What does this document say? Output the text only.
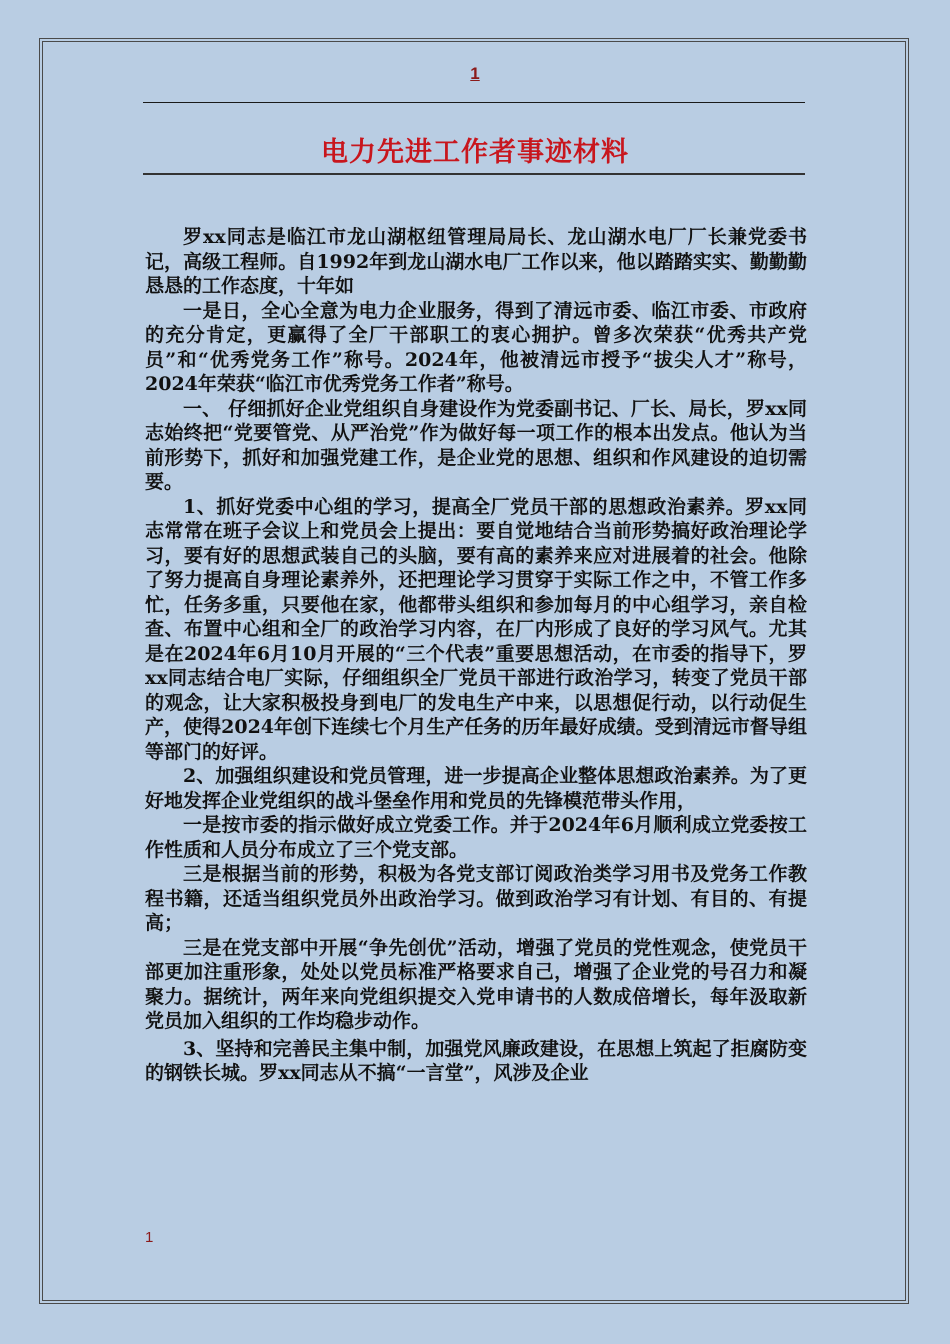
1
电力先进工作者事迹材料

罗xx同志是临江市龙山湖枢纽管理局局长、龙山湖水电厂厂长兼党委书记，高级工程师。自1992年到龙山湖水电厂工作以来，他以踏踏实实、勤勤勤恳恳的工作态度，十年如

一是日，全心全意为电力企业服务，得到了清远市委、临江市委、市政府的充分肯定，更赢得了全厂干部职工的衷心拥护。曾多次荣获“优秀共产党员”和“优秀党务工作”称号。2024年，他被清远市授予“拔尖人才”称号，2024年荣获“临江市优秀党务工作者”称号。

一、 仔细抓好企业党组织自身建设作为党委副书记、厂长、局长，罗xx同志始终把“党要管党、从严治党”作为做好每一项工作的根本出发点。他认为当前形势下，抓好和加强党建工作，是企业党的思想、组织和作风建设的迫切需要。

1、抓好党委中心组的学习，提高全厂党员干部的思想政治素养。罗xx同志常常在班子会议上和党员会上提出：要自觉地结合当前形势搞好政治理论学习，要有好的思想武装自己的头脑，要有高的素养来应对进展着的社会。他除了努力提高自身理论素养外，还把理论学习贯穿于实际工作之中，不管工作多忙，任务多重，只要他在家，他都带头组织和参加每月的中心组学习，亲自检查、布置中心组和全厂的政治学习内容，在厂内形成了良好的学习风气。尤其是在2024年6月10月开展的“三个代表”重要思想活动，在市委的指导下，罗xx同志结合电厂实际，仔细组织全厂党员干部进行政治学习，转变了党员干部的观念，让大家积极投身到电厂的发电生产中来，以思想促行动，以行动促生产，使得2024年创下连续七个月生产任务的历年最好成绩。受到清远市督导组等部门的好评。

2、加强组织建设和党员管理，进一步提高企业整体思想政治素养。为了更好地发挥企业党组织的战斗堡垒作用和党员的先锋模范带头作用，

一是按市委的指示做好成立党委工作。并于2024年6月顺利成立党委按工作性质和人员分布成立了三个党支部。

三是根据当前的形势，积极为各党支部订阅政治类学习用书及党务工作教程书籍，还适当组织党员外出政治学习。做到政治学习有计划、有目的、有提高；

三是在党支部中开展“争先创优”活动，增强了党员的党性观念，使党员干部更加注重形象，处处以党员标准严格要求自己，增强了企业党的号召力和凝聚力。据统计，两年来向党组织提交入党申请书的人数成倍增长，每年汲取新党员加入组织的工作均稳步动作。

3、坚持和完善民主集中制，加强党风廉政建设，在思想上筑起了拒腐防变的钢铁长城。罗xx同志从不搞“一言堂”，风涉及企业

1
